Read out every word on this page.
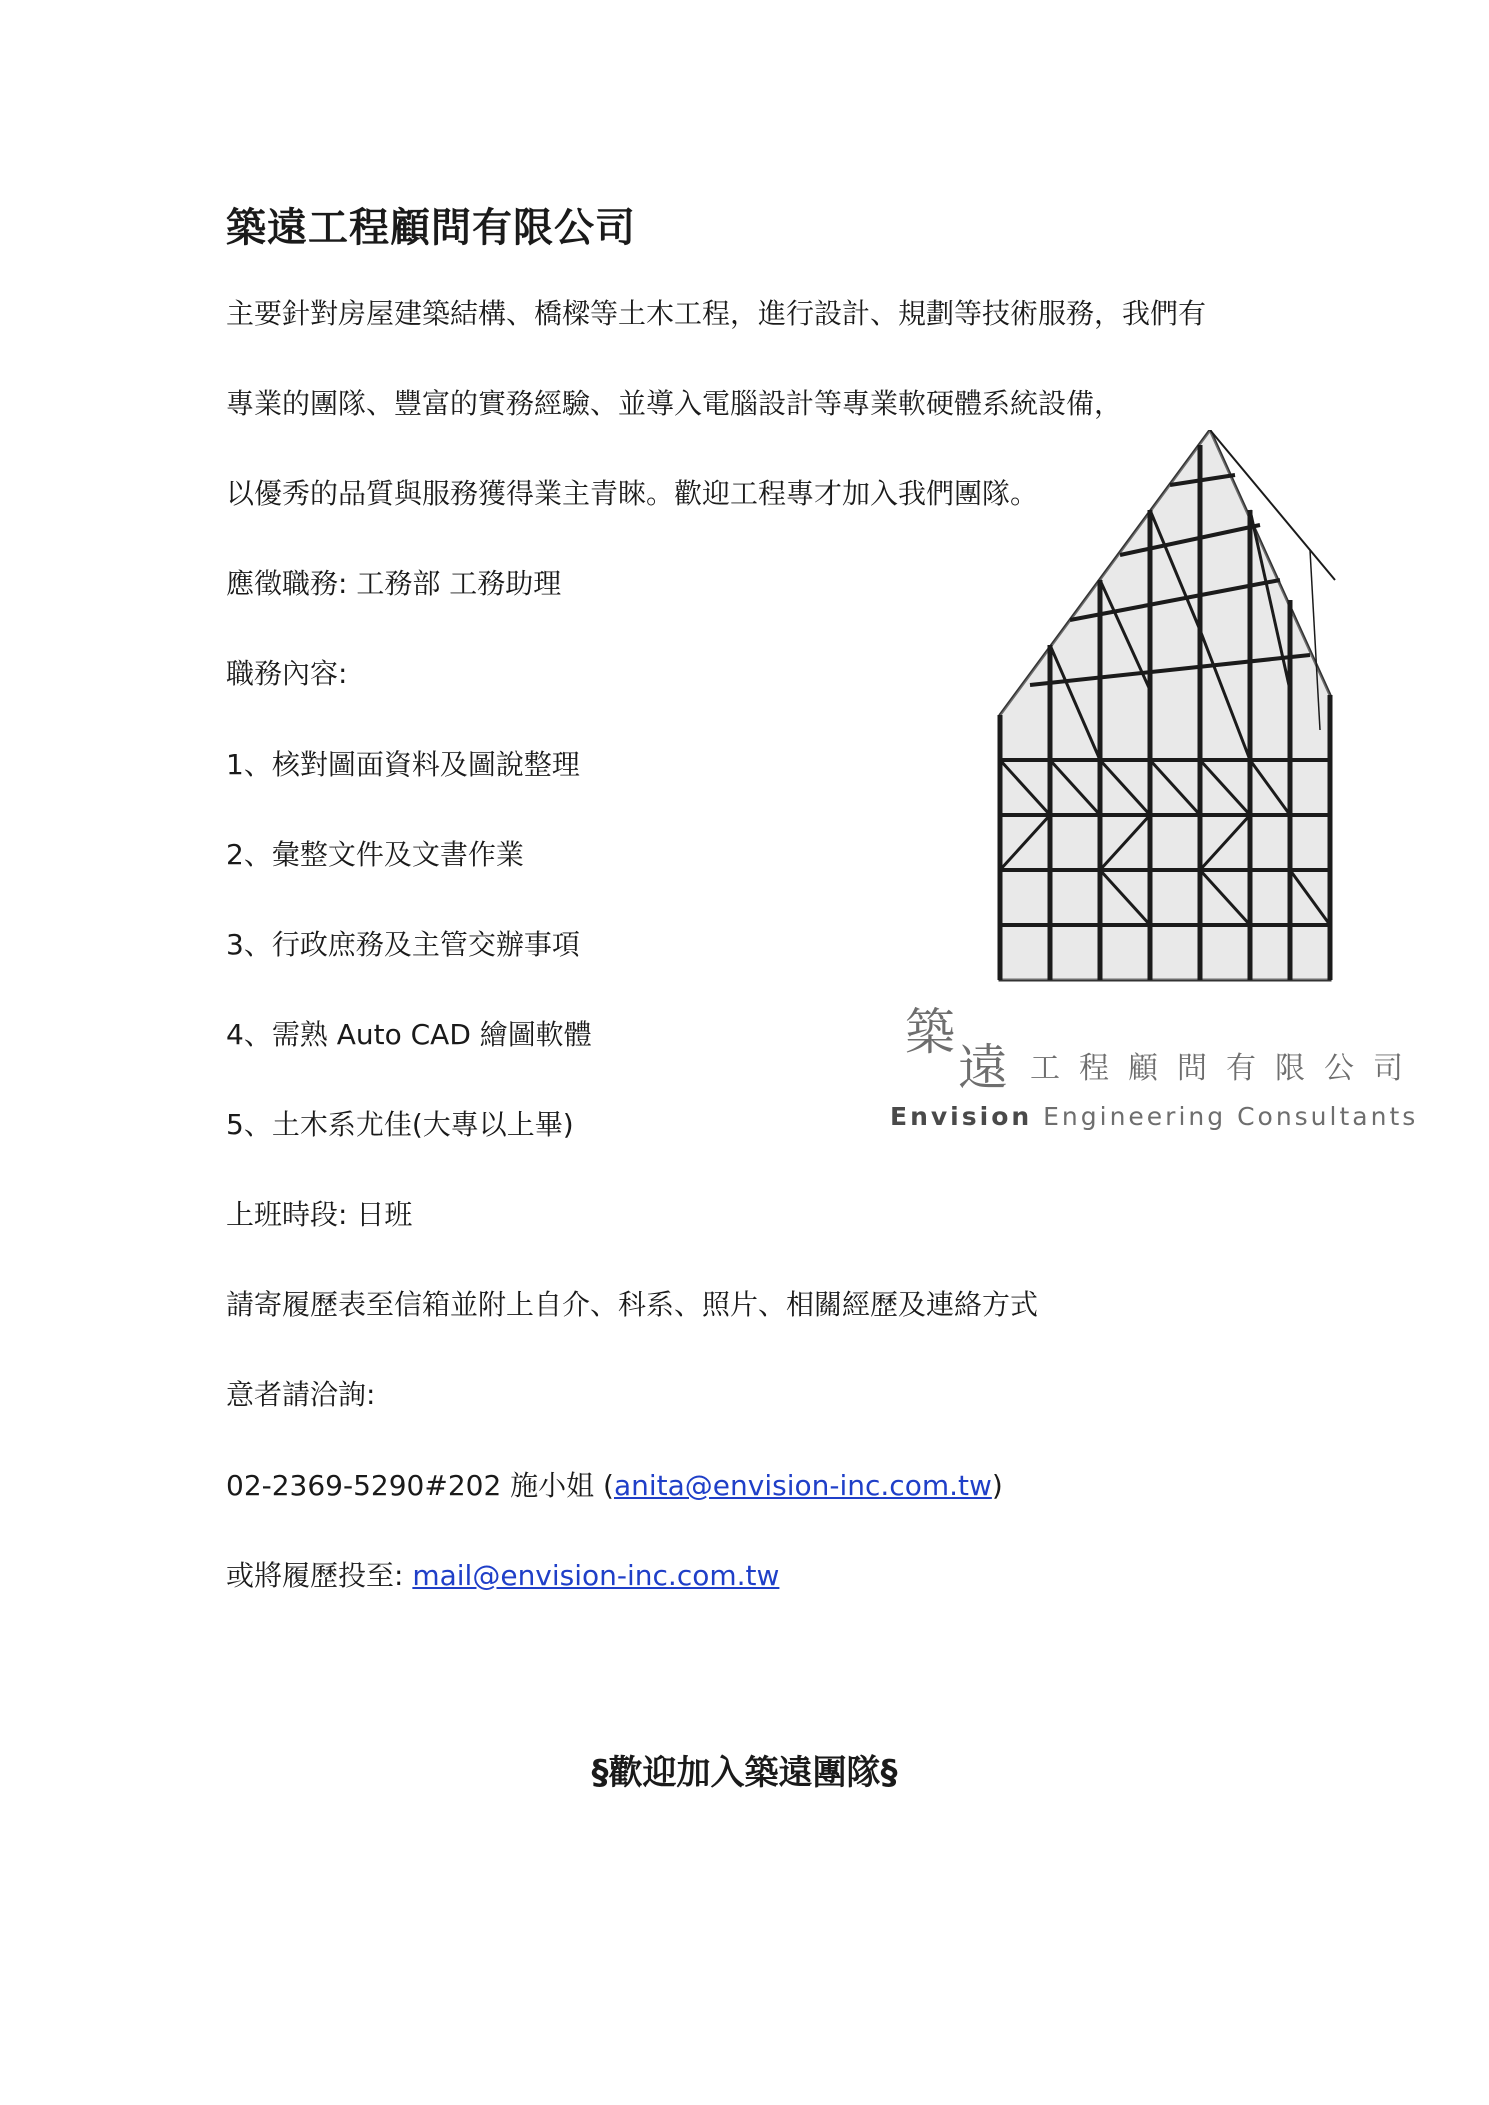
築遠工程顧問有限公司
主要針對房屋建築結構、橋樑等土木工程，進行設計、規劃等技術服務，我們有
專業的團隊、豐富的實務經驗、並導入電腦設計等專業軟硬體系統設備，
以優秀的品質與服務獲得業主青睞。歡迎工程專才加入我們團隊。
應徵職務: 工務部 工務助理
職務內容:
1、核對圖面資料及圖說整理
2、彙整文件及文書作業
3、行政庶務及主管交辦事項
4、需熟 Auto CAD 繪圖軟體
5、土木系尤佳(大專以上畢)
上班時段: 日班
請寄履歷表至信箱並附上自介、科系、照片、相關經歷及連絡方式
意者請洽詢:
02-2369-5290#202 施小姐 (anita@envision-inc.com.tw)
或將履歷投至: mail@envision-inc.com.tw
§歡迎加入築遠團隊§
築
遠 工程顧問有限公司
Envision Engineering Consultants
